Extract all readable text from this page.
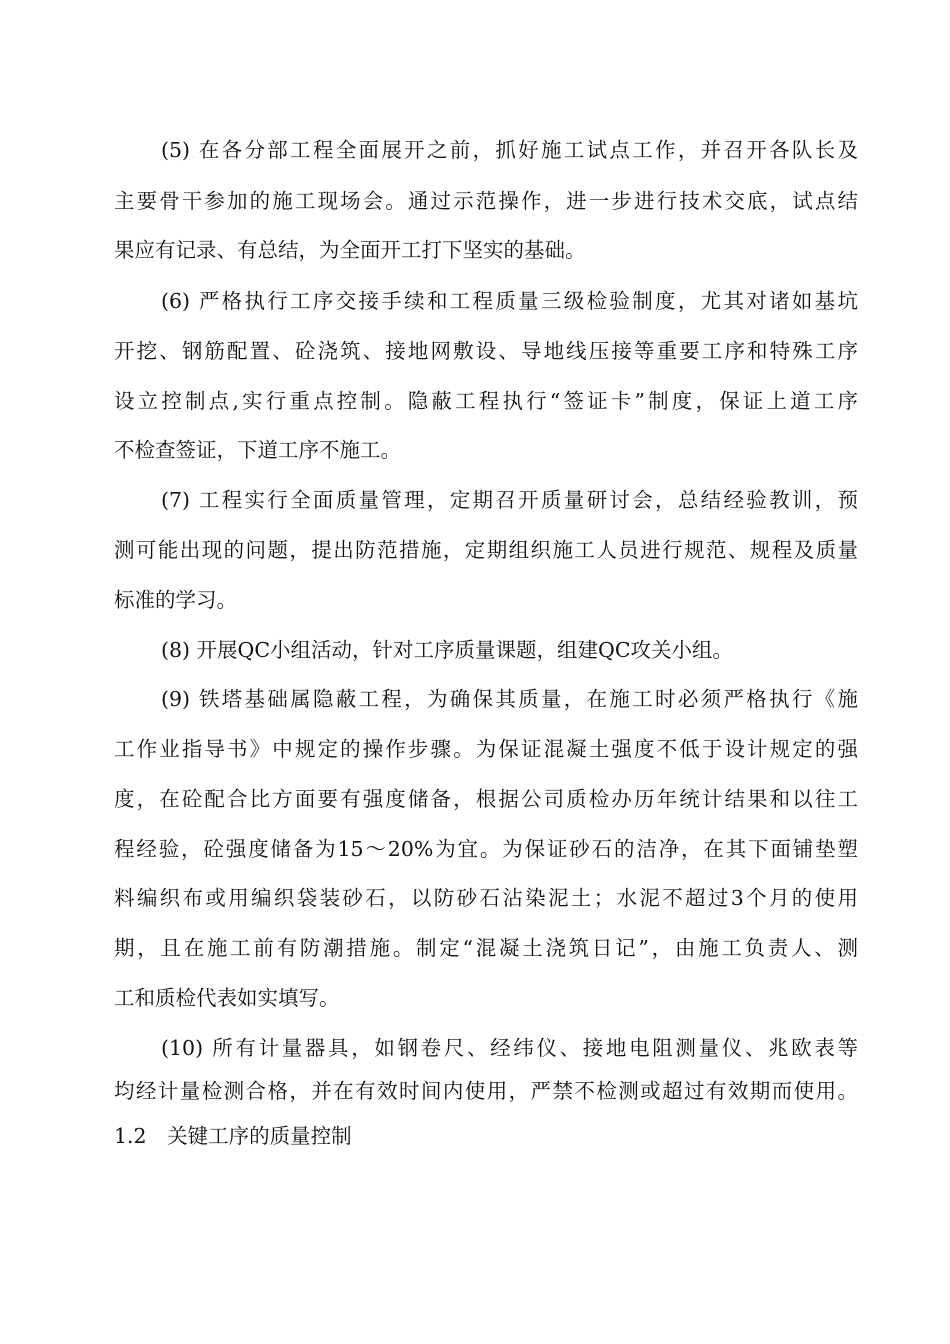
(5) 在各分部工程全面展开之前，抓好施工试点工作，并召开各队长及
主要骨干参加的施工现场会。通过示范操作，进一步进行技术交底，试点结
果应有记录、有总结，为全面开工打下坚实的基础。
(6) 严格执行工序交接手续和工程质量三级检验制度，尤其对诸如基坑
开挖、钢筋配置、砼浇筑、接地网敷设、导地线压接等重要工序和特殊工序
设立控制点,实行重点控制。隐蔽工程执行“签证卡”制度，保证上道工序
不检查签证，下道工序不施工。
(7) 工程实行全面质量管理，定期召开质量研讨会，总结经验教训，预
测可能出现的问题，提出防范措施，定期组织施工人员进行规范、规程及质量
标准的学习。
(8) 开展QC小组活动，针对工序质量课题，组建QC攻关小组。
(9) 铁塔基础属隐蔽工程，为确保其质量，在施工时必须严格执行《施
工作业指导书》中规定的操作步骤。为保证混凝土强度不低于设计规定的强
度，在砼配合比方面要有强度储备，根据公司质检办历年统计结果和以往工
程经验，砼强度储备为15～20%为宜。为保证砂石的洁净，在其下面铺垫塑
料编织布或用编织袋装砂石，以防砂石沾染泥土；水泥不超过3个月的使用
期，且在施工前有防潮措施。制定“混凝土浇筑日记”，由施工负责人、测
工和质检代表如实填写。
(10) 所有计量器具，如钢卷尺、经纬仪、接地电阻测量仪、兆欧表等
均经计量检测合格，并在有效时间内使用，严禁不检测或超过有效期而使用。
1.2　关键工序的质量控制
